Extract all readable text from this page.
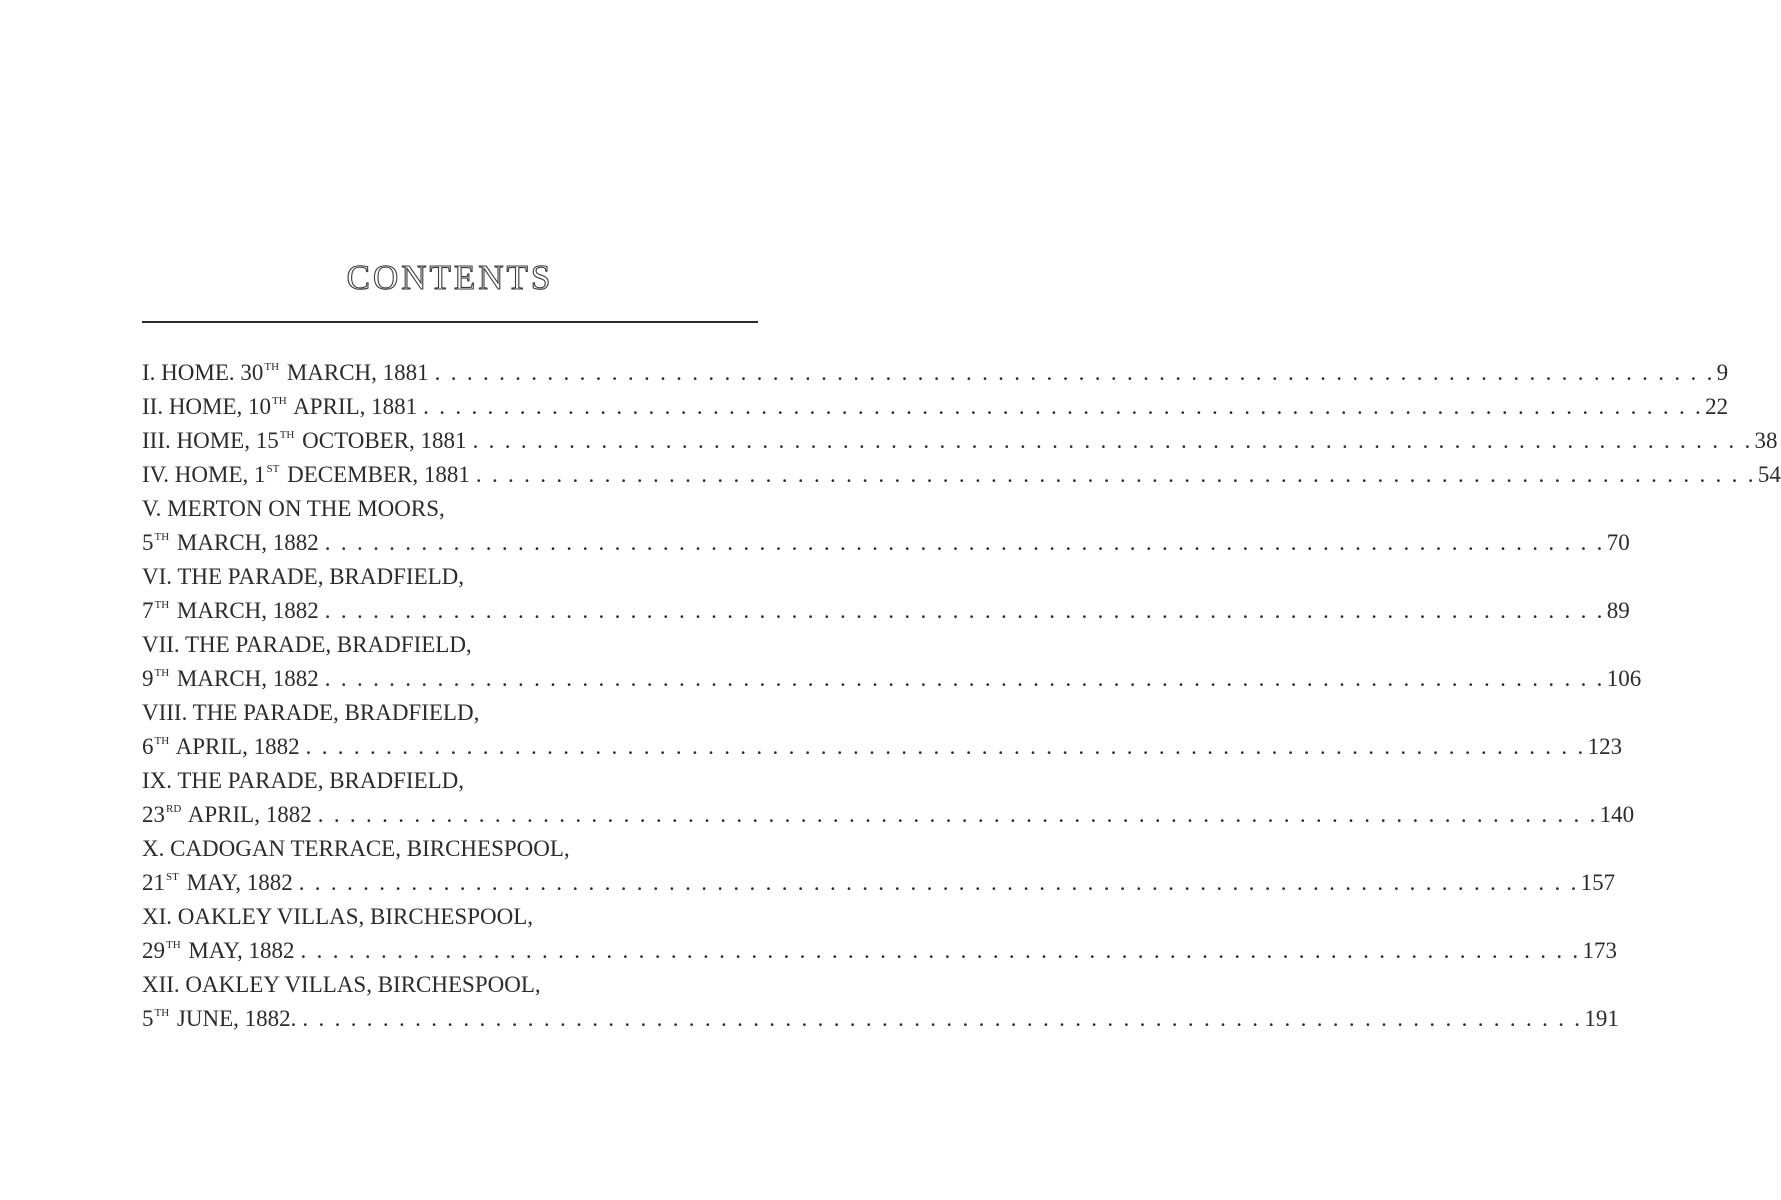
CONTENTS
I. HOME. 30TH MARCH, 1881 . . . . . . . . . . . . . . . . . . . . . . . . . . . . . . . . . . . . . . . . . . . . . . . . . . . . . . . . . . . . . . . . . . . . . . . . . . . . . . . . 9
II. HOME, 10TH APRIL, 1881 . . . . . . . . . . . . . . . . . . . . . . . . . . . . . . . . . . . . . . . . . . . . . . . . . . . . . . . . . . . . . . . . . . . . . . . . . . . . . . . . 22
III. HOME, 15TH OCTOBER, 1881 . . . . . . . . . . . . . . . . . . . . . . . . . . . . . . . . . . . . . . . . . . . . . . . . . . . . . . . . . . . . . . . . . . . . . . . . . . . . . . . . 38
IV. HOME, 1ST DECEMBER, 1881 . . . . . . . . . . . . . . . . . . . . . . . . . . . . . . . . . . . . . . . . . . . . . . . . . . . . . . . . . . . . . . . . . . . . . . . . . . . . . . . . 54
V. MERTON ON THE MOORS,
5TH MARCH, 1882 . . . . . . . . . . . . . . . . . . . . . . . . . . . . . . . . . . . . . . . . . . . . . . . . . . . . . . . . . . . . . . . . . . . . . . . . . . . . . . . . 70
VI. THE PARADE, BRADFIELD,
7TH MARCH, 1882 . . . . . . . . . . . . . . . . . . . . . . . . . . . . . . . . . . . . . . . . . . . . . . . . . . . . . . . . . . . . . . . . . . . . . . . . . . . . . . . . 89
VII. THE PARADE, BRADFIELD,
9TH MARCH, 1882 . . . . . . . . . . . . . . . . . . . . . . . . . . . . . . . . . . . . . . . . . . . . . . . . . . . . . . . . . . . . . . . . . . . . . . . . . . . . . . . . 106
VIII. THE PARADE, BRADFIELD,
6TH APRIL, 1882 . . . . . . . . . . . . . . . . . . . . . . . . . . . . . . . . . . . . . . . . . . . . . . . . . . . . . . . . . . . . . . . . . . . . . . . . . . . . . . . . 123
IX. THE PARADE, BRADFIELD,
23RD APRIL, 1882 . . . . . . . . . . . . . . . . . . . . . . . . . . . . . . . . . . . . . . . . . . . . . . . . . . . . . . . . . . . . . . . . . . . . . . . . . . . . . . . . 140
X. CADOGAN TERRACE, BIRCHESPOOL,
21ST MAY, 1882 . . . . . . . . . . . . . . . . . . . . . . . . . . . . . . . . . . . . . . . . . . . . . . . . . . . . . . . . . . . . . . . . . . . . . . . . . . . . . . . . 157
XI. OAKLEY VILLAS, BIRCHESPOOL,
29TH MAY, 1882 . . . . . . . . . . . . . . . . . . . . . . . . . . . . . . . . . . . . . . . . . . . . . . . . . . . . . . . . . . . . . . . . . . . . . . . . . . . . . . . . 173
XII. OAKLEY VILLAS, BIRCHESPOOL,
5TH JUNE, 1882. . . . . . . . . . . . . . . . . . . . . . . . . . . . . . . . . . . . . . . . . . . . . . . . . . . . . . . . . . . . . . . . . . . . . . . . . . . . . . . . . 191
